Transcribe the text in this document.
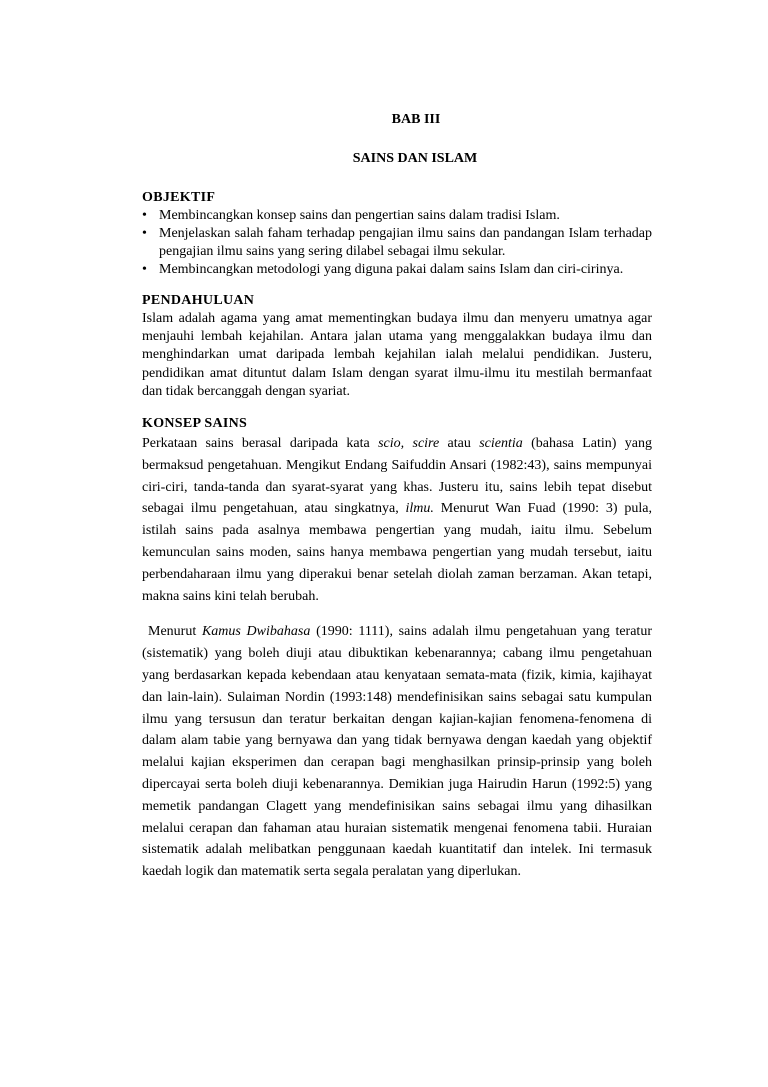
BAB III
SAINS DAN ISLAM

OBJEKTIF

• Membincangkan konsep sains dan pengertian sains dalam tradisi Islam.
• Menjelaskan salah faham terhadap pengajian ilmu sains dan pandangan Islam terhadap pengajian ilmu sains yang sering dilabel sebagai ilmu sekular.
• Membincangkan metodologi yang diguna pakai dalam sains Islam dan ciri-cirinya.

PENDAHULUAN

Islam adalah agama yang amat mementingkan budaya ilmu dan menyeru umatnya agar menjauhi lembah kejahilan. Antara jalan utama yang menggalakkan budaya ilmu dan menghindarkan umat daripada lembah kejahilan ialah melalui pendidikan. Justeru, pendidikan amat dituntut dalam Islam dengan syarat ilmu-ilmu itu mestilah bermanfaat dan tidak bercanggah dengan syariat.

KONSEP SAINS

Perkataan sains berasal daripada kata scio, scire atau scientia (bahasa Latin) yang bermaksud pengetahuan. Mengikut Endang Saifuddin Ansari (1982:43), sains mempunyai ciri-ciri, tanda-tanda dan syarat-syarat yang khas. Justeru itu, sains lebih tepat disebut sebagai ilmu pengetahuan, atau singkatnya, ilmu. Menurut Wan Fuad (1990: 3) pula, istilah sains pada asalnya membawa pengertian yang mudah, iaitu ilmu. Sebelum kemunculan sains moden, sains hanya membawa pengertian yang mudah tersebut, iaitu perbendaharaan ilmu yang diperakui benar setelah diolah zaman berzaman. Akan tetapi, makna sains kini telah berubah.

Menurut Kamus Dwibahasa (1990: 1111), sains adalah ilmu pengetahuan yang teratur (sistematik) yang boleh diuji atau dibuktikan kebenarannya; cabang ilmu pengetahuan yang berdasarkan kepada kebendaan atau kenyataan semata-mata (fizik, kimia, kajihayat dan lain-lain). Sulaiman Nordin (1993:148) mendefinisikan sains sebagai satu kumpulan ilmu yang tersusun dan teratur berkaitan dengan kajian-kajian fenomena-fenomena di dalam alam tabie yang bernyawa dan yang tidak bernyawa dengan kaedah yang objektif melalui kajian eksperimen dan cerapan bagi menghasilkan prinsip-prinsip yang boleh dipercayai serta boleh diuji kebenarannya. Demikian juga Hairudin Harun (1992:5) yang memetik pandangan Clagett yang mendefinisikan sains sebagai ilmu yang dihasilkan melalui cerapan dan fahaman atau huraian sistematik mengenai fenomena tabii. Huraian sistematik adalah melibatkan penggunaan kaedah kuantitatif dan intelek. Ini termasuk kaedah logik dan matematik serta segala peralatan yang diperlukan.
